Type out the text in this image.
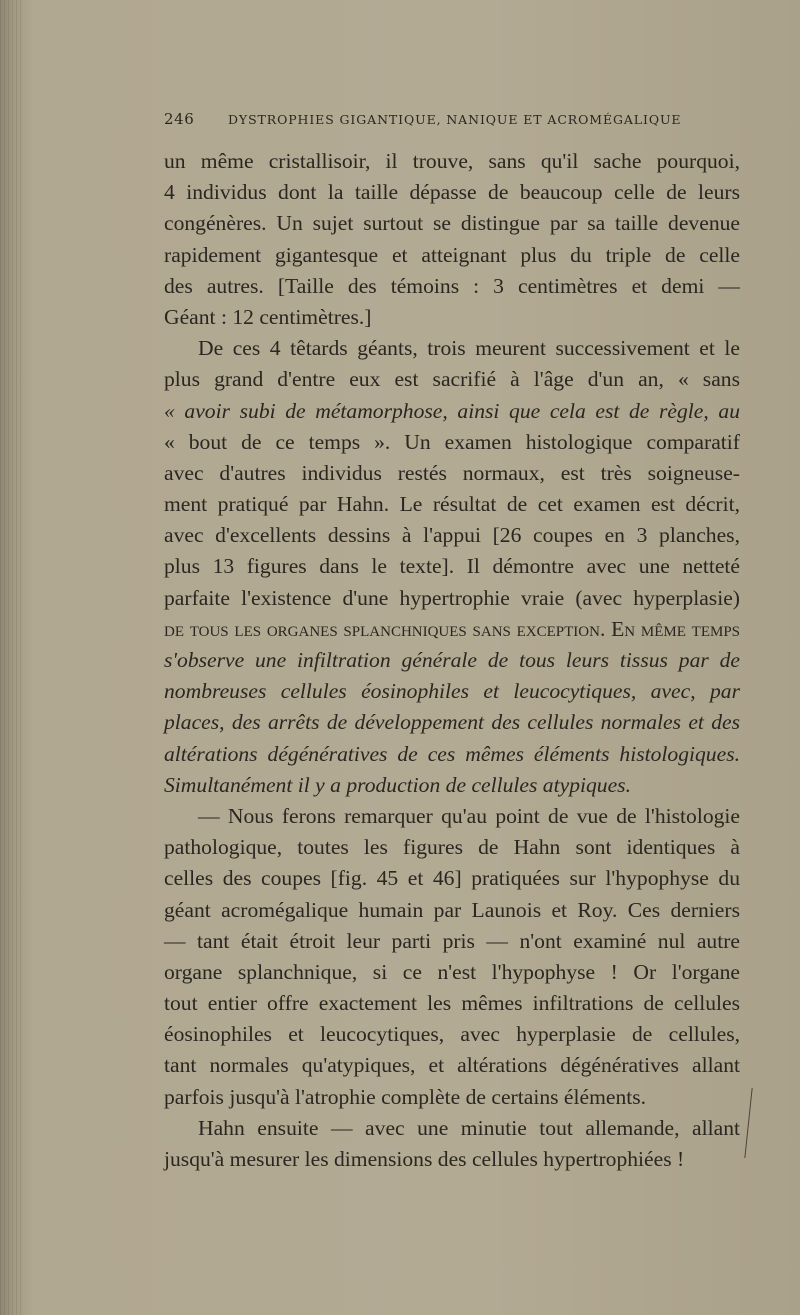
246	DYSTROPHIES GIGANTIQUE, NANIQUE ET ACROMÉGALIQUE
un même cristallisoir, il trouve, sans qu'il sache pourquoi,
4 individus dont la taille dépasse de beaucoup celle de leurs
congénères. Un sujet surtout se distingue par sa taille devenue
rapidement gigantesque et atteignant plus du triple de celle
des autres. [Taille des témoins : 3 centimètres et demi —
Géant : 12 centimètres.]
De ces 4 têtards géants, trois meurent successivement et le
plus grand d'entre eux est sacrifié à l'âge d'un an, « sans
« avoir subi de métamorphose, ainsi que cela est de règle, au
« bout de ce temps ». Un examen histologique comparatif
avec d'autres individus restés normaux, est très soigneuse-
ment pratiqué par Hahn. Le résultat de cet examen est décrit,
avec d'excellents dessins à l'appui [26 coupes en 3 planches,
plus 13 figures dans le texte]. Il démontre avec une netteté
parfaite l'existence d'une hypertrophie vraie (avec hyperplasie)
de tous les organes splanchniques sans exception. En même temps
s'observe une infiltration générale de tous leurs tissus par de
nombreuses cellules éosinophiles et leucocytiques, avec, par
places, des arrêts de développement des cellules normales et des
altérations dégénératives de ces mêmes éléments histologiques.
Simultanément il y a production de cellules atypiques.
— Nous ferons remarquer qu'au point de vue de l'histologie
pathologique, toutes les figures de Hahn sont identiques à
celles des coupes [fig. 45 et 46] pratiquées sur l'hypophyse du
géant acromégalique humain par Launois et Roy. Ces derniers
— tant était étroit leur parti pris — n'ont examiné nul autre
organe splanchnique, si ce n'est l'hypophyse ! Or l'organe
tout entier offre exactement les mêmes infiltrations de cellules
éosinophiles et leucocytiques, avec hyperplasie de cellules,
tant normales qu'atypiques, et altérations dégénératives allant
parfois jusqu'à l'atrophie complète de certains éléments.
Hahn ensuite — avec une minutie tout allemande, allant
jusqu'à mesurer les dimensions des cellules hypertrophiées !
